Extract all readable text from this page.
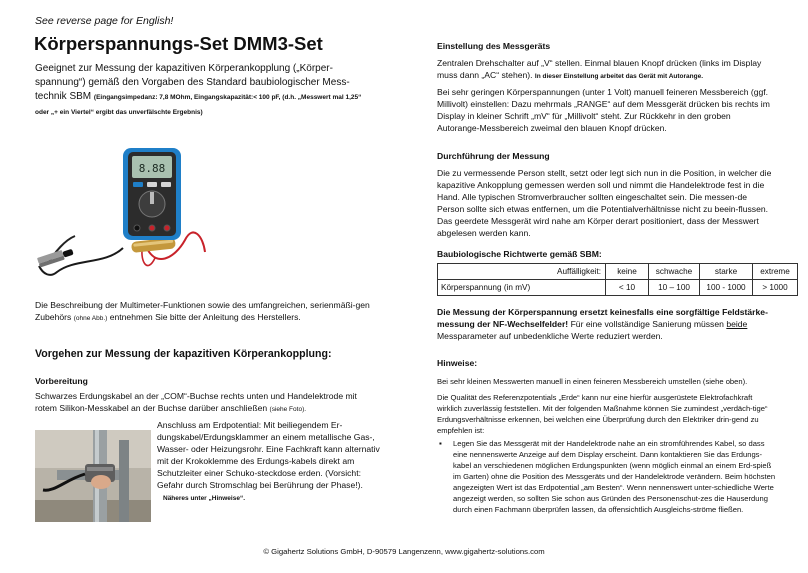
See reverse page for English!

Körperspannungs-Set DMM3-Set

Geeignet zur Messung der kapazitiven Körperankopplung („Körper-spannung“) gemäß den Vorgaben des Standard baubiologischer Mess-technik SBM (Eingangsimpedanz: 7,8 MOhm, Eingangskapazität:< 100 pF, (d.h. „Messwert mal 1,25“ oder „+ ein Viertel“ ergibt das unverfälschte Ergebnis)

8.88

Die Beschreibung der Multimeter-Funktionen sowie des umfangreichen, serienmäßi-gen Zubehörs (ohne Abb.) entnehmen Sie bitte der Anleitung des Herstellers.

Vorgehen zur Messung der kapazitiven Körperankopplung:
Vorbereitung

Schwarzes Erdungskabel an der „COM“-Buchse rechts unten und Handelektrode mit rotem Silikon-Messkabel an der Buchse darüber anschließen (siehe Foto).

Anschluss am Erdpotential: Mit beiliegendem Er-dungskabel/Erdungsklammer an einem metallische Gas-, Wasser- oder Heizungsrohr. Eine Fachkraft kann alternativ mit der Krokoklemme des Erdungs-kabels direkt am Schutzleiter einer Schuko-steckdose erden. (Vorsicht: Gefahr durch Stromschlag bei Berührung der Phase!). Näheres unter „Hinweise“.

Einstellung des Messgeräts

Zentralen Drehschalter auf „V“ stellen. Einmal blauen Knopf drücken (links im Display muss dann „AC“ stehen). In dieser Einstellung arbeitet das Gerät mit Autorange.

Bei sehr geringen Körperspannungen (unter 1 Volt) manuell feineren Messbereich (ggf. Millivolt) einstellen: Dazu mehrmals „RANGE“ auf dem Messgerät drücken bis rechts im Display in kleiner Schrift „mV“ für „Millivolt“ steht. Zur Rückkehr in den groben Autorange-Messbereich zweimal den blauen Knopf drücken.

Durchführung der Messung

Die zu vermessende Person stellt, setzt oder legt sich nun in die Position, in welcher die kapazitive Ankopplung gemessen werden soll und nimmt die Handelektrode fest in die Hand. Alle typischen Stromverbraucher sollten eingeschaltet sein. Die messen-de Person sollte sich etwas entfernen, um die Potentialverhältnisse nicht zu beein-flussen. Das geerdete Messgerät wird nahe am Körper derart positioniert, dass der Messwert abgelesen werden kann.

Baubiologische Richtwerte gemäß SBM:
Auffälligkeit:	keine	schwache	starke	extreme
Körperspannung (in mV)	< 10	10 – 100	100 - 1000	> 1000

Die Messung der Körperspannung ersetzt keinesfalls eine sorgfältige Feldstärke-messung der NF-Wechselfelder! Für eine vollständige Sanierung müssen beide Messparameter auf unbedenkliche Werte reduziert werden.

Hinweise:

Bei sehr kleinen Messwerten manuell in einen feineren Messbereich umstellen (siehe oben).

Die Qualität des Referenzpotentials „Erde“ kann nur eine hierfür ausgerüstete Elektrofachkraft wirklich zuverlässig feststellen. Mit der folgenden Maßnahme können Sie zumindest „verdäch-tige“ Erdungsverhältnisse erkennen, bei welchen eine Überprüfung durch den Elektriker drin-gend zu empfehlen ist:

▪ Legen Sie das Messgerät mit der Handelektrode nahe an ein stromführendes Kabel, so dass eine nennenswerte Anzeige auf dem Display erscheint. Dann kontaktieren Sie das Erdungs-kabel an verschiedenen möglichen Erdungspunkten (wenn möglich einmal an einem Erd-spieß im Garten) ohne die Position des Messgeräts und der Handelektrode verändern. Beim höchsten angezeigten Wert ist das Erdpotential „am Besten“. Wenn nennenswert unter-schiedliche Werte angezeigt werden, so sollten Sie schon aus Gründen des Personenschut-zes die Hauserdung durch einen Fachmann überprüfen lassen, da offensichtlich Ausgleichs-ströme fließen.

© Gigahertz Solutions GmbH, D-90579 Langenzenn, www.gigahertz-solutions.com
